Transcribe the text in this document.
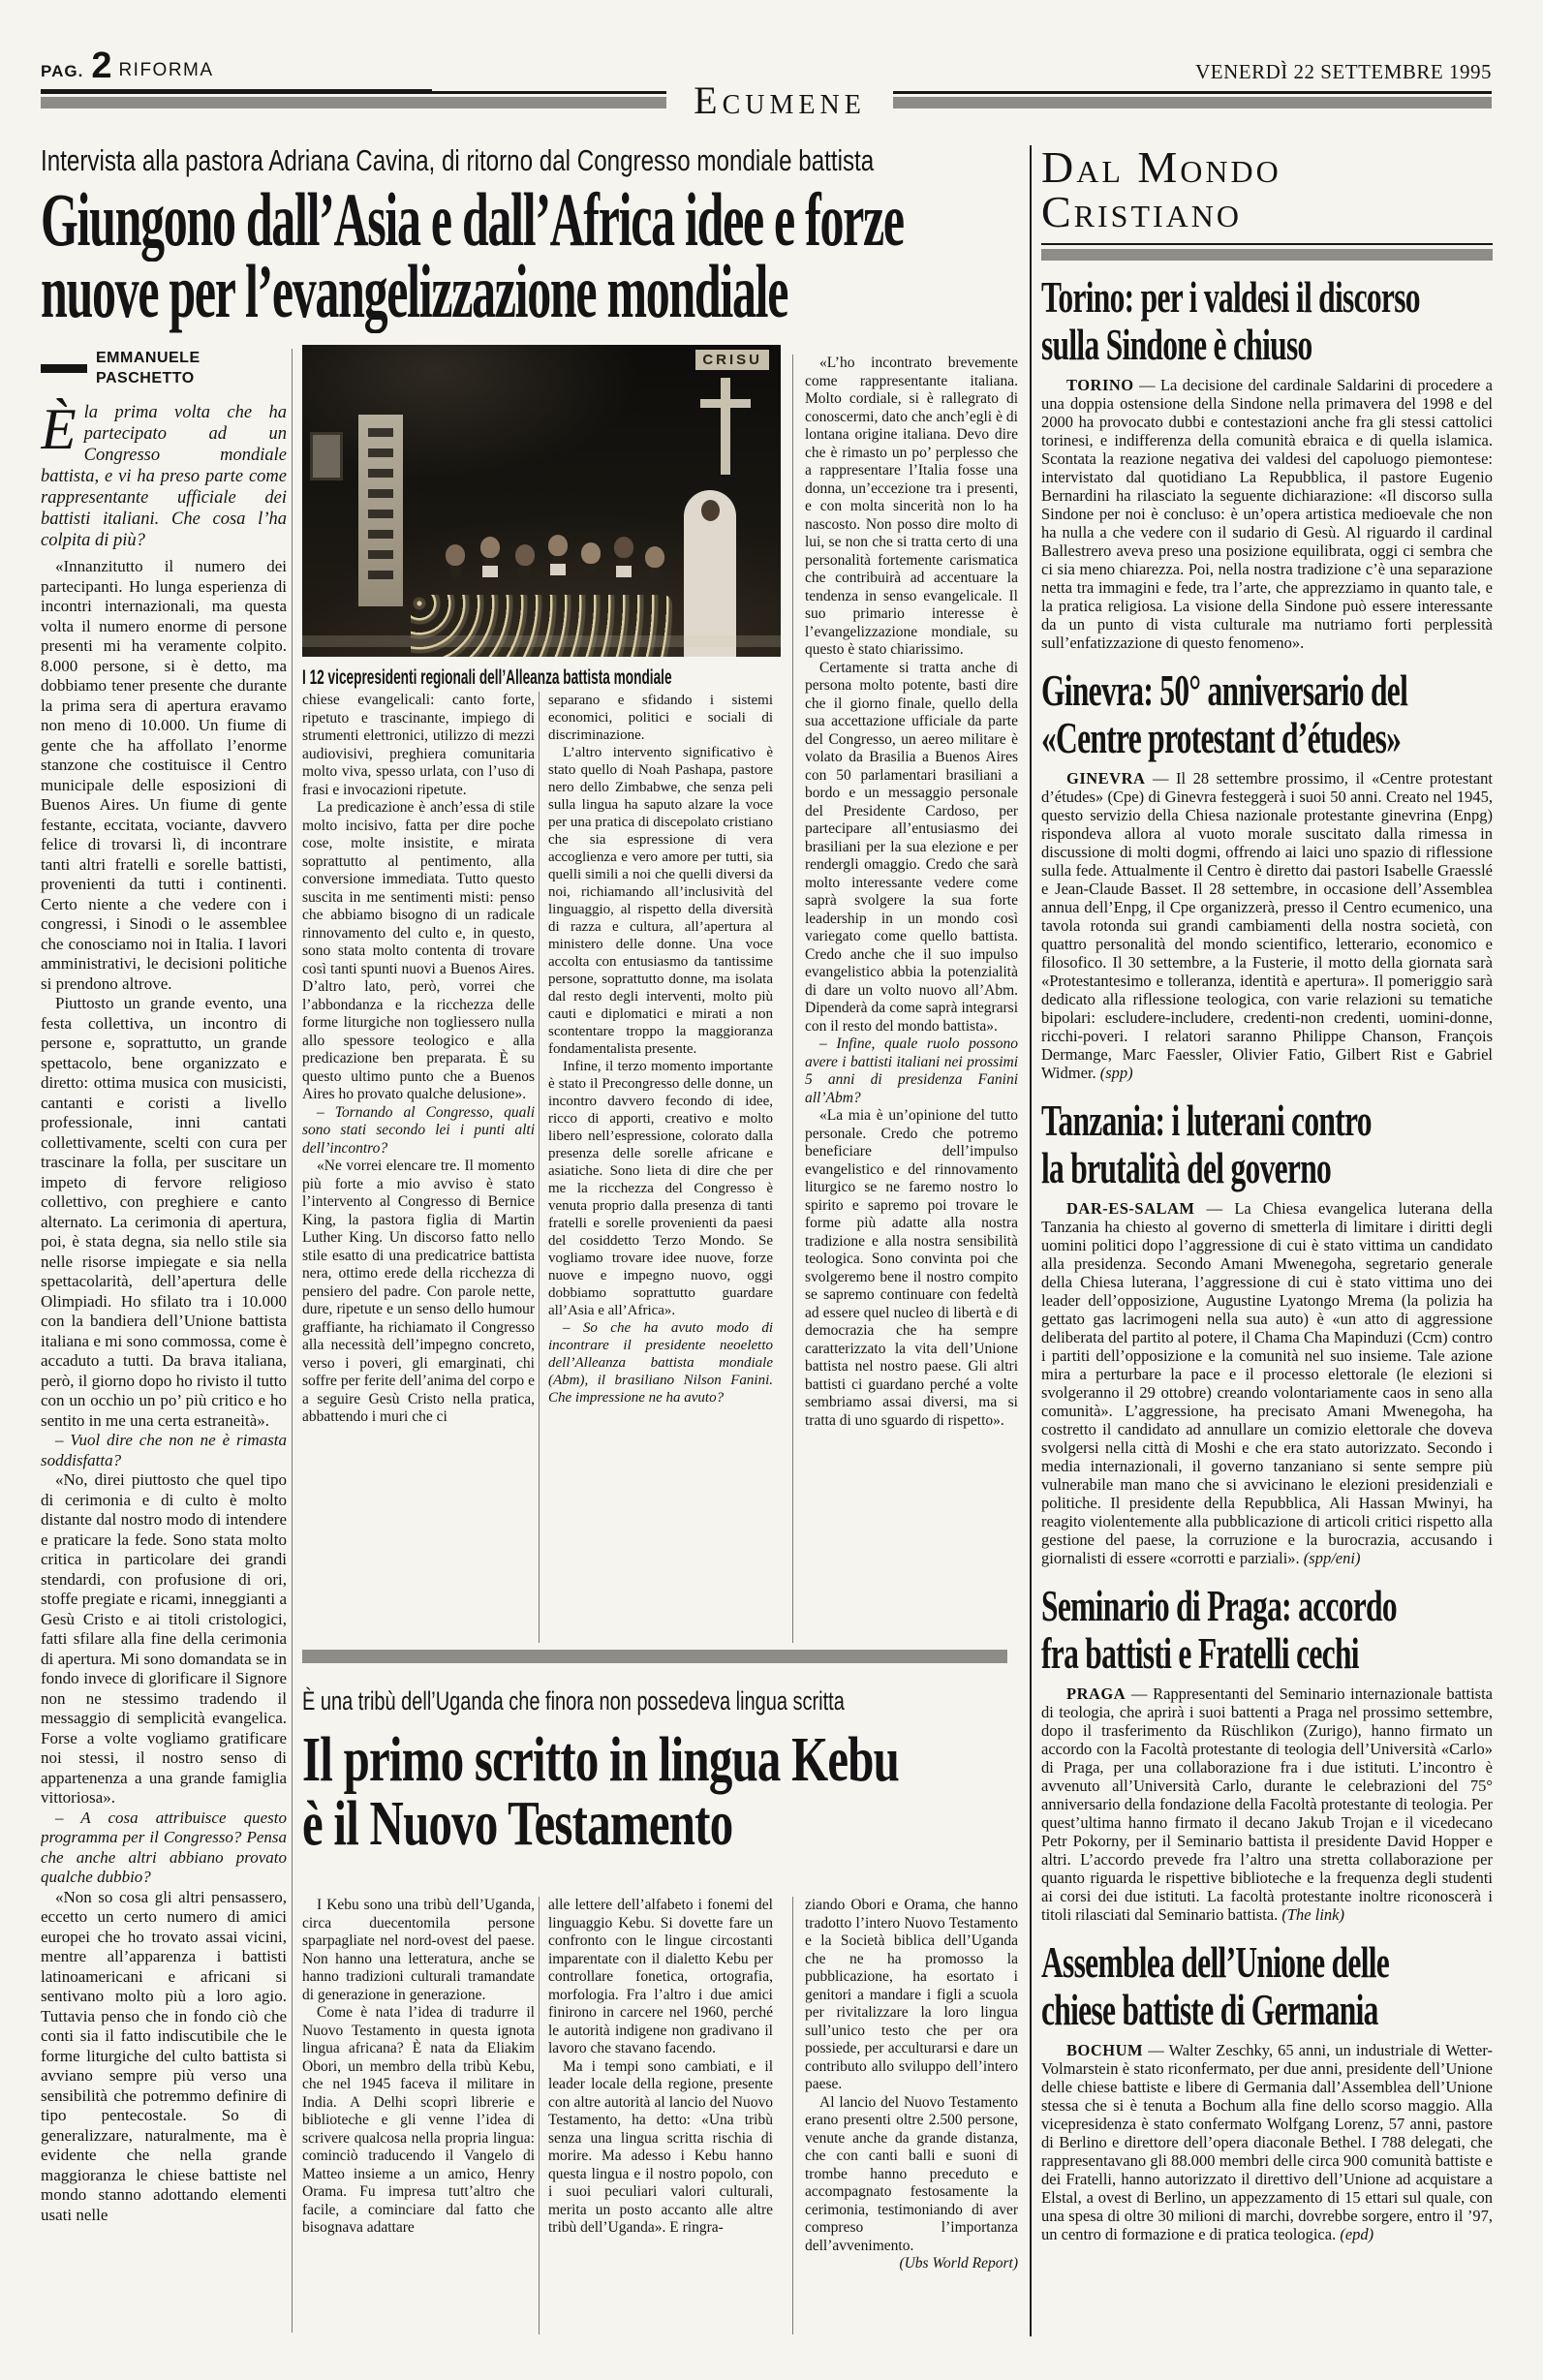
PAG. 2 RIFORMA	VENERDÌ 22 SETTEMBRE 1995
Ecumene
Intervista alla pastora Adriana Cavina, di ritorno dal Congresso mondiale battista
Giungono dall’Asia e dall’Africa idee e forze
nuove per l’evangelizzazione mondiale
CRISU
I 12 vicepresidenti regionali dell’Alleanza battista mondiale
EMMANUELE PASCHETTO
Èla prima volta che ha partecipato ad un Congresso mondiale battista, e vi ha preso parte come rappresentante ufficiale dei battisti italiani. Che cosa l’ha colpita di più?

«Innanzitutto il numero dei partecipanti. Ho lunga esperienza di incontri internazionali, ma questa volta il numero enorme di persone presenti mi ha veramente colpito. 8.000 persone, si è detto, ma dobbiamo tener presente che durante la prima sera di apertura eravamo non meno di 10.000. Un fiume di gente che ha affollato l’enorme stanzone che costituisce il Centro municipale delle esposizioni di Buenos Aires. Un fiume di gente festante, eccitata, vociante, davvero felice di trovarsi lì, di incontrare tanti altri fratelli e sorelle battisti, provenienti da tutti i continenti. Certo niente a che vedere con i congressi, i Sinodi o le assemblee che conosciamo noi in Italia. I lavori amministrativi, le decisioni politiche si prendono altrove.

Piuttosto un grande evento, una festa collettiva, un incontro di persone e, soprattutto, un grande spettacolo, bene organizzato e diretto: ottima musica con musicisti, cantanti e coristi a livello professionale, inni cantati collettivamente, scelti con cura per trascinare la folla, per suscitare un impeto di fervore religioso collettivo, con preghiere e canto alternato. La cerimonia di apertura, poi, è stata degna, sia nello stile sia nelle risorse impiegate e sia nella spettacolarità, dell’apertura delle Olimpiadi. Ho sfilato tra i 10.000 con la bandiera dell’Unione battista italiana e mi sono commossa, come è accaduto a tutti. Da brava italiana, però, il giorno dopo ho rivisto il tutto con un occhio un po’ più critico e ho sentito in me una certa estraneità».

– Vuol dire che non ne è rimasta soddisfatta?

«No, direi piuttosto che quel tipo di cerimonia e di culto è molto distante dal nostro modo di intendere e praticare la fede. Sono stata molto critica in particolare dei grandi stendardi, con profusione di ori, stoffe pregiate e ricami, inneggianti a Gesù Cristo e ai titoli cristologici, fatti sfilare alla fine della cerimonia di apertura. Mi sono domandata se in fondo invece di glorificare il Signore non ne stessimo tradendo il messaggio di semplicità evangelica. Forse a volte vogliamo gratificare noi stessi, il nostro senso di appartenenza a una grande famiglia vittoriosa».

– A cosa attribuisce questo programma per il Congresso? Pensa che anche altri abbiano provato qualche dubbio?

«Non so cosa gli altri pensassero, eccetto un certo numero di amici europei che ho trovato assai vicini, mentre all’apparenza i battisti latinoamericani e africani si sentivano molto più a loro agio. Tuttavia penso che in fondo ciò che conti sia il fatto indiscutibile che le forme liturgiche del culto battista si avviano sempre più verso una sensibilità che potremmo definire di tipo pentecostale. So di generalizzare, naturalmente, ma è evidente che nella grande maggioranza le chiese battiste nel mondo stanno adottando elementi usati nelle

chiese evangelicali: canto forte, ripetuto e trascinante, impiego di strumenti elettronici, utilizzo di mezzi audiovisivi, preghiera comunitaria molto viva, spesso urlata, con l’uso di frasi e invocazioni ripetute.

La predicazione è anch’essa di stile molto incisivo, fatta per dire poche cose, molte insistite, e mirata soprattutto al pentimento, alla conversione immediata. Tutto questo suscita in me sentimenti misti: penso che abbiamo bisogno di un radicale rinnovamento del culto e, in questo, sono stata molto contenta di trovare così tanti spunti nuovi a Buenos Aires. D’altro lato, però, vorrei che l’abbondanza e la ricchezza delle forme liturgiche non togliessero nulla allo spessore teologico e alla predicazione ben preparata. È su questo ultimo punto che a Buenos Aires ho provato qualche delusione».

– Tornando al Congresso, quali sono stati secondo lei i punti alti dell’incontro?

«Ne vorrei elencare tre. Il momento più forte a mio avviso è stato l’intervento al Congresso di Bernice King, la pastora figlia di Martin Luther King. Un discorso fatto nello stile esatto di una predicatrice battista nera, ottimo erede della ricchezza di pensiero del padre. Con parole nette, dure, ripetute e un senso dello humour graffiante, ha richiamato il Congresso alla necessità dell’impegno concreto, verso i poveri, gli emarginati, chi soffre per ferite dell’anima del corpo e a seguire Gesù Cristo nella pratica, abbattendo i muri che ci

separano e sfidando i sistemi economici, politici e sociali di discriminazione.

L’altro intervento significativo è stato quello di Noah Pashapa, pastore nero dello Zimbabwe, che senza peli sulla lingua ha saputo alzare la voce per una pratica di discepolato cristiano che sia espressione di vera accoglienza e vero amore per tutti, sia quelli simili a noi che quelli diversi da noi, richiamando all’inclusività del linguaggio, al rispetto della diversità di razza e cultura, all’apertura al ministero delle donne. Una voce accolta con entusiasmo da tantissime persone, soprattutto donne, ma isolata dal resto degli interventi, molto più cauti e diplomatici e mirati a non scontentare troppo la maggioranza fondamentalista presente.

Infine, il terzo momento importante è stato il Precongresso delle donne, un incontro davvero fecondo di idee, ricco di apporti, creativo e molto libero nell’espressione, colorato dalla presenza delle sorelle africane e asiatiche. Sono lieta di dire che per me la ricchezza del Congresso è venuta proprio dalla presenza di tanti fratelli e sorelle provenienti da paesi del cosiddetto Terzo Mondo. Se vogliamo trovare idee nuove, forze nuove e impegno nuovo, oggi dobbiamo soprattutto guardare all’Asia e all’Africa».

– So che ha avuto modo di incontrare il presidente neoeletto dell’Alleanza battista mondiale (Abm), il brasiliano Nilson Fanini. Che impressione ne ha avuto?

«L’ho incontrato brevemente come rappresentante italiana. Molto cordiale, si è rallegrato di conoscermi, dato che anch’egli è di lontana origine italiana. Devo dire che è rimasto un po’ perplesso che a rappresentare l’Italia fosse una donna, un’eccezione tra i presenti, e con molta sincerità non lo ha nascosto. Non posso dire molto di lui, se non che si tratta certo di una personalità fortemente carismatica che contribuirà ad accentuare la tendenza in senso evangelicale. Il suo primario interesse è l’evangelizzazione mondiale, su questo è stato chiarissimo.

Certamente si tratta anche di persona molto potente, basti dire che il giorno finale, quello della sua accettazione ufficiale da parte del Congresso, un aereo militare è volato da Brasilia a Buenos Aires con 50 parlamentari brasiliani a bordo e un messaggio personale del Presidente Cardoso, per partecipare all’entusiasmo dei brasiliani per la sua elezione e per rendergli omaggio. Credo che sarà molto interessante vedere come saprà svolgere la sua forte leadership in un mondo così variegato come quello battista. Credo anche che il suo impulso evangelistico abbia la potenzialità di dare un volto nuovo all’Abm. Dipenderà da come saprà integrarsi con il resto del mondo battista».

– Infine, quale ruolo possono avere i battisti italiani nei prossimi 5 anni di presidenza Fanini all’Abm?

«La mia è un’opinione del tutto personale. Credo che potremo beneficiare dell’impulso evangelistico e del rinnovamento liturgico se ne faremo nostro lo spirito e sapremo poi trovare le forme più adatte alla nostra tradizione e alla nostra sensibilità teologica. Sono convinta poi che svolgeremo bene il nostro compito se sapremo continuare con fedeltà ad essere quel nucleo di libertà e di democrazia che ha sempre caratterizzato la vita dell’Unione battista nel nostro paese. Gli altri battisti ci guardano perché a volte sembriamo assai diversi, ma si tratta di uno sguardo di rispetto».

È una tribù dell’Uganda che finora non possedeva lingua scritta
Il primo scritto in lingua Kebu
è il Nuovo Testamento

I Kebu sono una tribù dell’Uganda, circa duecentomila persone sparpagliate nel nord-ovest del paese. Non hanno una letteratura, anche se hanno tradizioni culturali tramandate di generazione in generazione.

Come è nata l’idea di tradurre il Nuovo Testamento in questa ignota lingua africana? È nata da Eliakim Obori, un membro della tribù Kebu, che nel 1945 faceva il militare in India. A Delhi scoprì librerie e biblioteche e gli venne l’idea di scrivere qualcosa nella propria lingua: cominciò traducendo il Vangelo di Matteo insieme a un amico, Henry Orama. Fu impresa tutt’altro che facile, a cominciare dal fatto che bisognava adattare

alle lettere dell’alfabeto i fonemi del linguaggio Kebu. Si dovette fare un confronto con le lingue circostanti imparentate con il dialetto Kebu per controllare fonetica, ortografia, morfologia. Fra l’altro i due amici finirono in carcere nel 1960, perché le autorità indigene non gradivano il lavoro che stavano facendo.

Ma i tempi sono cambiati, e il leader locale della regione, presente con altre autorità al lancio del Nuovo Testamento, ha detto: «Una tribù senza una lingua scritta rischia di morire. Ma adesso i Kebu hanno questa lingua e il nostro popolo, con i suoi peculiari valori culturali, merita un posto accanto alle altre tribù dell’Uganda». E ringra-

ziando Obori e Orama, che hanno tradotto l’intero Nuovo Testamento e la Società biblica dell’Uganda che ne ha promosso la pubblicazione, ha esortato i genitori a mandare i figli a scuola per rivitalizzare la loro lingua sull’unico testo che per ora possiede, per acculturarsi e dare un contributo allo sviluppo dell’intero paese.

Al lancio del Nuovo Testamento erano presenti oltre 2.500 persone, venute anche da grande distanza, che con canti balli e suoni di trombe hanno preceduto e accompagnato festosamente la cerimonia, testimoniando di aver compreso l’importanza dell’avvenimento.

(Ubs World Report)

Dal Mondo Cristiano
Torino: per i valdesi il discorso
sulla Sindone è chiuso

TORINO — La decisione del cardinale Saldarini di procedere a una doppia ostensione della Sindone nella primavera del 1998 e del 2000 ha provocato dubbi e contestazioni anche fra gli stessi cattolici torinesi, e indifferenza della comunità ebraica e di quella islamica. Scontata la reazione negativa dei valdesi del capoluogo piemontese: intervistato dal quotidiano La Repubblica, il pastore Eugenio Bernardini ha rilasciato la seguente dichiarazione: «Il discorso sulla Sindone per noi è concluso: è un’opera artistica medioevale che non ha nulla a che vedere con il sudario di Gesù. Al riguardo il cardinal Ballestrero aveva preso una posizione equilibrata, oggi ci sembra che ci sia meno chiarezza. Poi, nella nostra tradizione c’è una separazione netta tra immagini e fede, tra l’arte, che apprezziamo in quanto tale, e la pratica religiosa. La visione della Sindone può essere interessante da un punto di vista culturale ma nutriamo forti perplessità sull’enfatizzazione di questo fenomeno».

Ginevra: 50° anniversario del
«Centre protestant d’études»

GINEVRA — Il 28 settembre prossimo, il «Centre protestant d’études» (Cpe) di Ginevra festeggerà i suoi 50 anni. Creato nel 1945, questo servizio della Chiesa nazionale protestante ginevrina (Enpg) rispondeva allora al vuoto morale suscitato dalla rimessa in discussione di molti dogmi, offrendo ai laici uno spazio di riflessione sulla fede. Attualmente il Centro è diretto dai pastori Isabelle Graesslé e Jean-Claude Basset. Il 28 settembre, in occasione dell’Assemblea annua dell’Enpg, il Cpe organizzerà, presso il Centro ecumenico, una tavola rotonda sui grandi cambiamenti della nostra società, con quattro personalità del mondo scientifico, letterario, economico e filosofico. Il 30 settembre, a la Fusterie, il motto della giornata sarà «Protestantesimo e tolleranza, identità e apertura». Il pomeriggio sarà dedicato alla riflessione teologica, con varie relazioni su tematiche bipolari: escludere-includere, credenti-non credenti, uomini-donne, ricchi-poveri. I relatori saranno Philippe Chanson, François Dermange, Marc Faessler, Olivier Fatio, Gilbert Rist e Gabriel Widmer. (spp)

Tanzania: i luterani contro
la brutalità del governo

DAR-ES-SALAM — La Chiesa evangelica luterana della Tanzania ha chiesto al governo di smetterla di limitare i diritti degli uomini politici dopo l’aggressione di cui è stato vittima un candidato alla presidenza. Secondo Amani Mwenegoha, segretario generale della Chiesa luterana, l’aggressione di cui è stato vittima uno dei leader dell’opposizione, Augustine Lyatongo Mrema (la polizia ha gettato gas lacrimogeni nella sua auto) è «un atto di aggressione deliberata del partito al potere, il Chama Cha Mapinduzi (Ccm) contro i partiti dell’opposizione e la comunità nel suo insieme. Tale azione mira a perturbare la pace e il processo elettorale (le elezioni si svolgeranno il 29 ottobre) creando volontariamente caos in seno alla comunità». L’aggressione, ha precisato Amani Mwenegoha, ha costretto il candidato ad annullare un comizio elettorale che doveva svolgersi nella città di Moshi e che era stato autorizzato. Secondo i media internazionali, il governo tanzaniano si sente sempre più vulnerabile man mano che si avvicinano le elezioni presidenziali e politiche. Il presidente della Repubblica, Ali Hassan Mwinyi, ha reagito violentemente alla pubblicazione di articoli critici rispetto alla gestione del paese, la corruzione e la burocrazia, accusando i giornalisti di essere «corrotti e parziali». (spp/eni)

Seminario di Praga: accordo
fra battisti e Fratelli cechi

PRAGA — Rappresentanti del Seminario internazionale battista di teologia, che aprirà i suoi battenti a Praga nel prossimo settembre, dopo il trasferimento da Rüschlikon (Zurigo), hanno firmato un accordo con la Facoltà protestante di teologia dell’Università «Carlo» di Praga, per una collaborazione fra i due istituti. L’incontro è avvenuto all’Università Carlo, durante le celebrazioni del 75° anniversario della fondazione della Facoltà protestante di teologia. Per quest’ultima hanno firmato il decano Jakub Trojan e il vicedecano Petr Pokorny, per il Seminario battista il presidente David Hopper e altri. L’accordo prevede fra l’altro una stretta collaborazione per quanto riguarda le rispettive biblioteche e la frequenza degli studenti ai corsi dei due istituti. La facoltà protestante inoltre riconoscerà i titoli rilasciati dal Seminario battista. (The link)

Assemblea dell’Unione delle
chiese battiste di Germania

BOCHUM — Walter Zeschky, 65 anni, un industriale di Wetter-Volmarstein è stato riconfermato, per due anni, presidente dell’Unione delle chiese battiste e libere di Germania dall’Assemblea dell’Unione stessa che si è tenuta a Bochum alla fine dello scorso maggio. Alla vicepresidenza è stato confermato Wolfgang Lorenz, 57 anni, pastore di Berlino e direttore dell’opera diaconale Bethel. I 788 delegati, che rappresentavano gli 88.000 membri delle circa 900 comunità battiste e dei Fratelli, hanno autorizzato il direttivo dell’Unione ad acquistare a Elstal, a ovest di Berlino, un appezzamento di 15 ettari sul quale, con una spesa di oltre 30 milioni di marchi, dovrebbe sorgere, entro il ’97, un centro di formazione e di pratica teologica. (epd)
